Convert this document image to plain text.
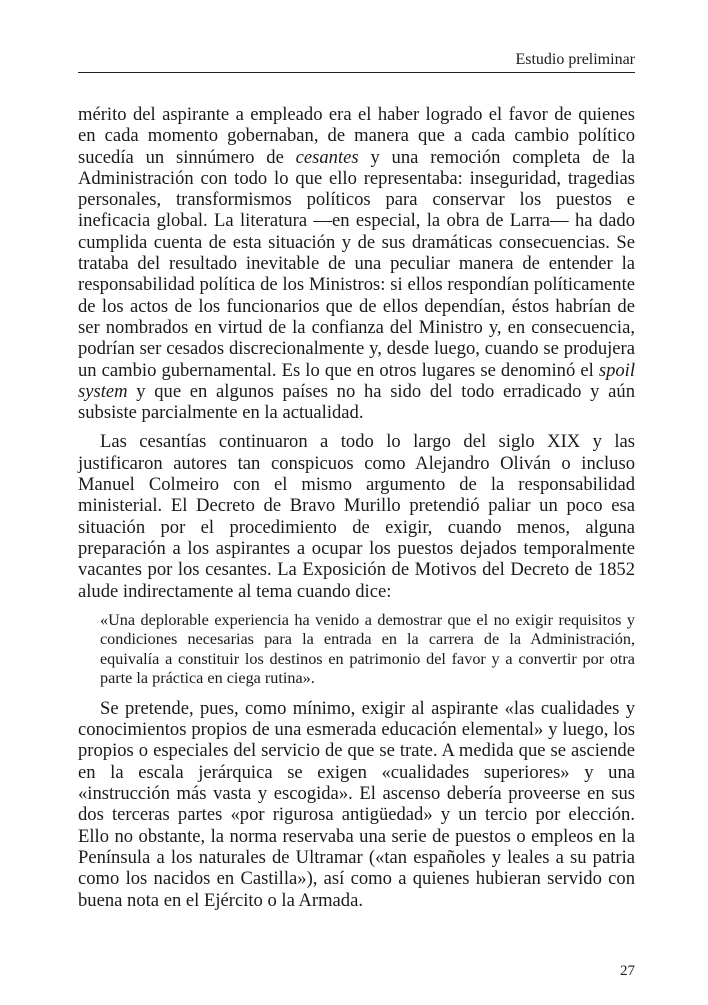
Estudio preliminar

mérito del aspirante a empleado era el haber logrado el favor de quienes en cada momento gobernaban, de manera que a cada cambio político sucedía un sinnúmero de cesantes y una remoción completa de la Administración con todo lo que ello representaba: inseguridad, tragedias personales, transformismos políticos para conservar los puestos e ineficacia global. La literatura —en especial, la obra de Larra— ha dado cumplida cuenta de esta situación y de sus dramáticas consecuencias. Se trataba del resultado inevitable de una peculiar manera de entender la responsabilidad política de los Ministros: si ellos respondían políticamente de los actos de los funcionarios que de ellos dependían, éstos habrían de ser nombrados en virtud de la confianza del Ministro y, en consecuencia, podrían ser cesados discrecionalmente y, desde luego, cuando se produjera un cambio gubernamental. Es lo que en otros lugares se denominó el spoil system y que en algunos países no ha sido del todo erradicado y aún subsiste parcialmente en la actualidad.

Las cesantías continuaron a todo lo largo del siglo XIX y las justificaron autores tan conspicuos como Alejandro Oliván o incluso Manuel Colmeiro con el mismo argumento de la responsabilidad ministerial. El Decreto de Bravo Murillo pretendió paliar un poco esa situación por el procedimiento de exigir, cuando menos, alguna preparación a los aspirantes a ocupar los puestos dejados temporalmente vacantes por los cesantes. La Exposición de Motivos del Decreto de 1852 alude indirectamente al tema cuando dice:

«Una deplorable experiencia ha venido a demostrar que el no exigir requisitos y condiciones necesarias para la entrada en la carrera de la Administración, equivalía a constituir los destinos en patrimonio del favor y a convertir por otra parte la práctica en ciega rutina».

Se pretende, pues, como mínimo, exigir al aspirante «las cualidades y conocimientos propios de una esmerada educación elemental» y luego, los propios o especiales del servicio de que se trate. A medida que se asciende en la escala jerárquica se exigen «cualidades superiores» y una «instrucción más vasta y escogida». El ascenso debería proveerse en sus dos terceras partes «por rigurosa antigüedad» y un tercio por elección. Ello no obstante, la norma reservaba una serie de puestos o empleos en la Península a los naturales de Ultramar («tan españoles y leales a su patria como los nacidos en Castilla»), así como a quienes hubieran servido con buena nota en el Ejército o la Armada.

27
